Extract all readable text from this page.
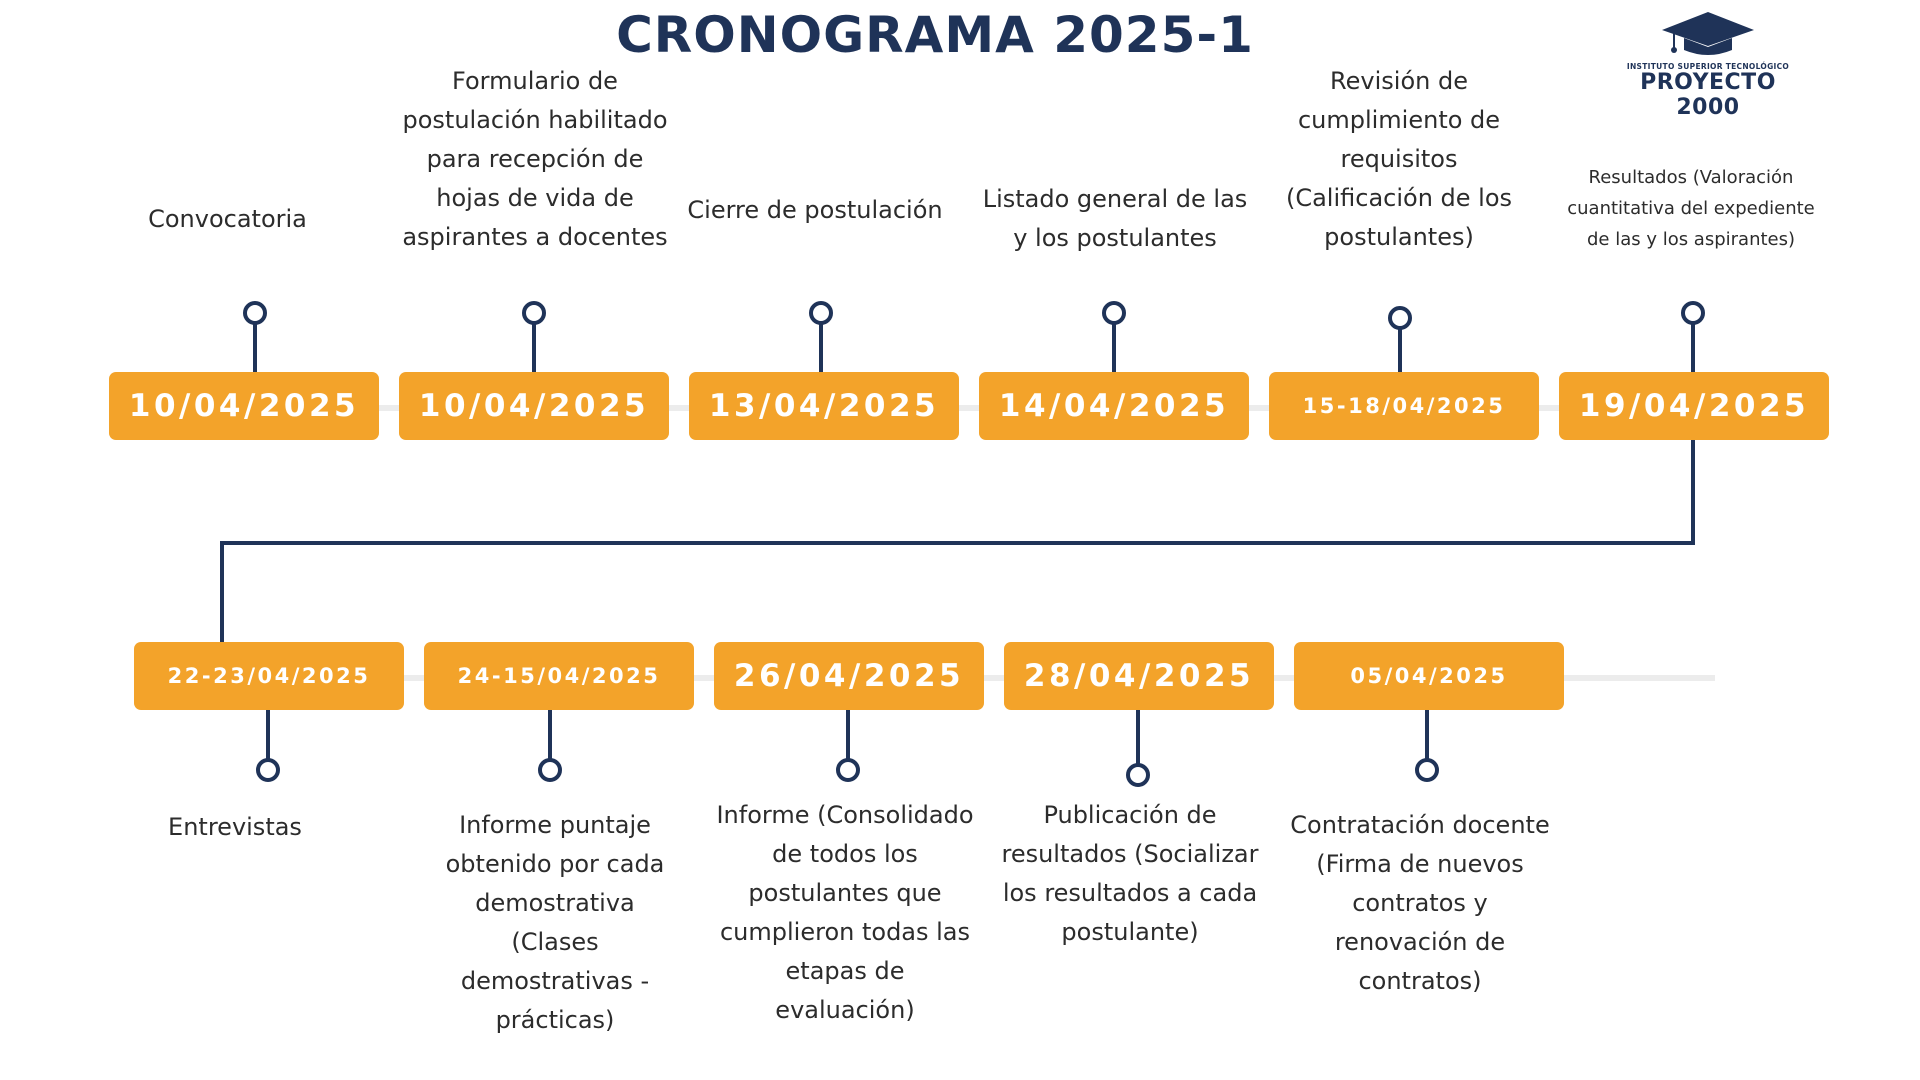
CRONOGRAMA 2025-1
INSTITUTO SUPERIOR TECNOLÓGICO
PROYECTO 2000
10/04/2025	10/04/2025	13/04/2025	14/04/2025	15-18/04/2025	19/04/2025
22-23/04/2025	24-15/04/2025	26/04/2025	28/04/2025	05/04/2025
Convocatoria
Formulario de postulación habilitado para recepción de hojas de vida de aspirantes a docentes
Cierre de postulación	Listado general de las y los postulantes
Revisión de cumplimiento de requisitos (Calificación de los postulantes)
Resultados (Valoración cuantitativa del expediente de las y los aspirantes)
Entrevistas	Informe puntaje obtenido por cada demostrativa (Clases demostrativas - prácticas)
Informe (Consolidado de todos los postulantes que cumplieron todas las etapas de evaluación)
Publicación de resultados (Socializar los resultados a cada postulante)
Contratación docente (Firma de nuevos contratos y renovación de contratos)
